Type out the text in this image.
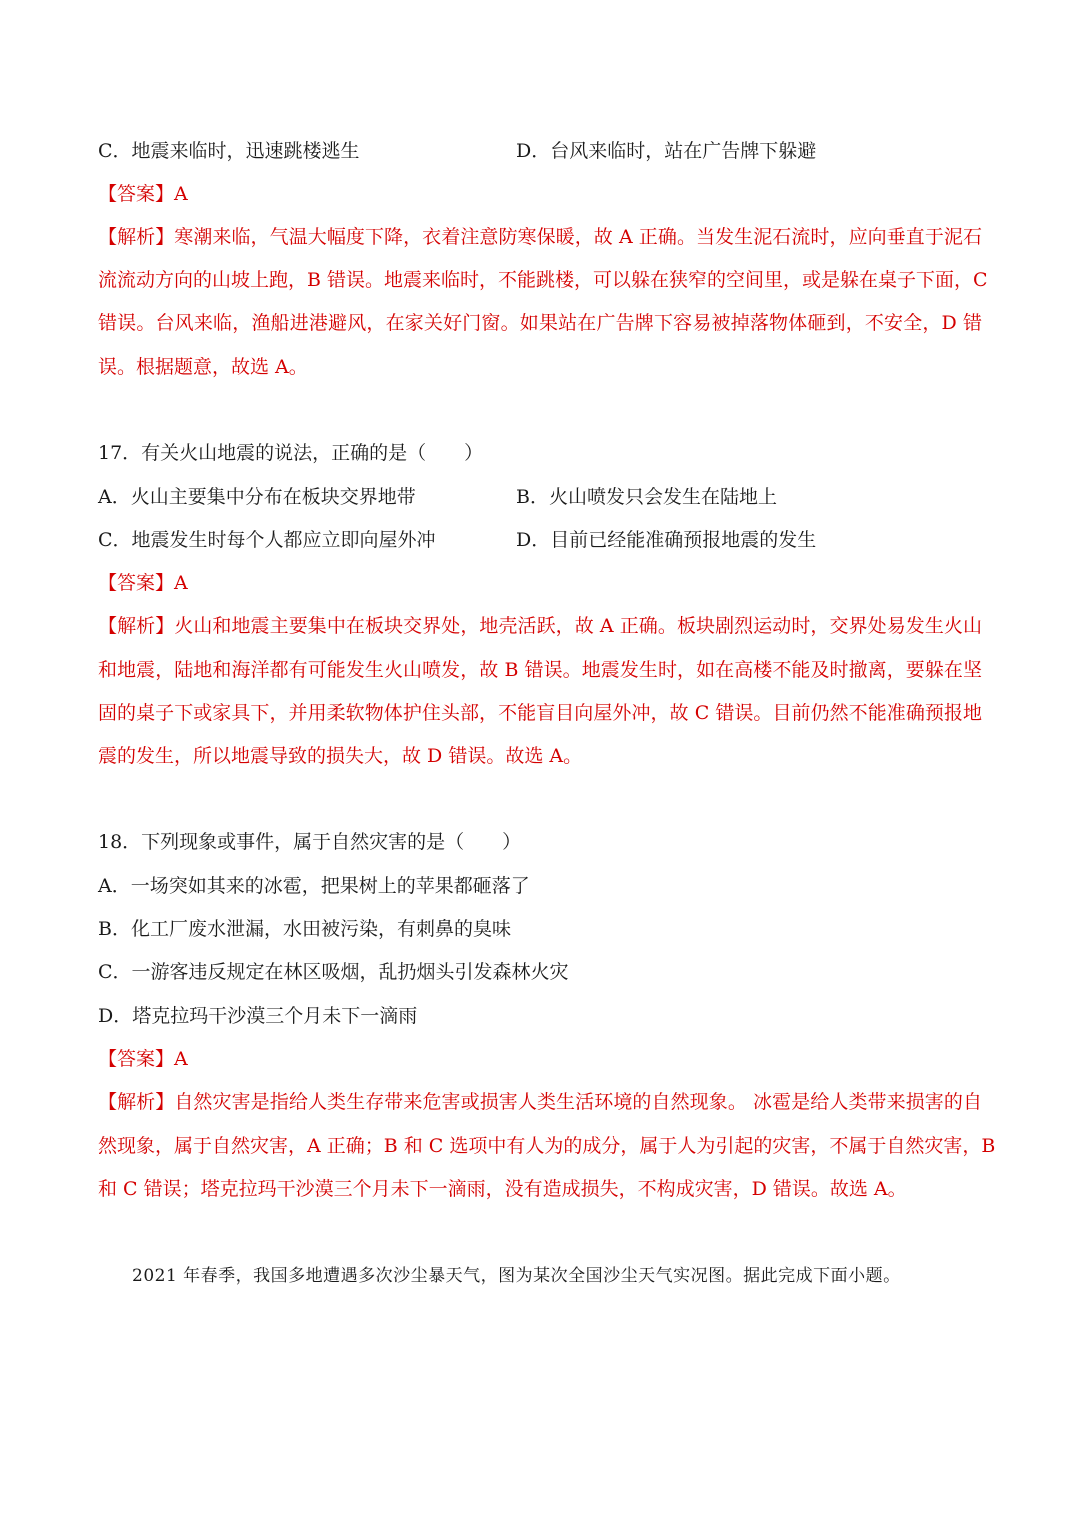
C．地震来临时，迅速跳楼逃生	D．台风来临时，站在广告牌下躲避
【答案】A
【解析】寒潮来临，气温大幅度下降，衣着注意防寒保暖，故 A 正确。当发生泥石流时，应向垂直于泥石
流流动方向的山坡上跑，B 错误。地震来临时，不能跳楼，可以躲在狭窄的空间里，或是躲在桌子下面，C
错误。台风来临，渔船进港避风，在家关好门窗。如果站在广告牌下容易被掉落物体砸到，不安全，D 错
误。根据题意，故选 A。
17．有关火山地震的说法，正确的是（　　）
A．火山主要集中分布在板块交界地带	B．火山喷发只会发生在陆地上
C．地震发生时每个人都应立即向屋外冲	D．目前已经能准确预报地震的发生
【答案】A
【解析】火山和地震主要集中在板块交界处，地壳活跃，故 A 正确。板块剧烈运动时，交界处易发生火山
和地震，陆地和海洋都有可能发生火山喷发，故 B 错误。地震发生时，如在高楼不能及时撤离，要躲在坚
固的桌子下或家具下，并用柔软物体护住头部，不能盲目向屋外冲，故 C 错误。目前仍然不能准确预报地
震的发生，所以地震导致的损失大，故 D 错误。故选 A。
18．下列现象或事件，属于自然灾害的是（　　）
A．一场突如其来的冰雹，把果树上的苹果都砸落了
B．化工厂废水泄漏，水田被污染，有刺鼻的臭味
C．一游客违反规定在林区吸烟，乱扔烟头引发森林火灾
D．塔克拉玛干沙漠三个月未下一滴雨
【答案】A
【解析】自然灾害是指给人类生存带来危害或损害人类生活环境的自然现象。 冰雹是给人类带来损害的自
然现象，属于自然灾害，A 正确；B 和 C 选项中有人为的成分，属于人为引起的灾害，不属于自然灾害，B
和 C 错误；塔克拉玛干沙漠三个月未下一滴雨，没有造成损失，不构成灾害，D 错误。故选 A。
2021 年春季，我国多地遭遇多次沙尘暴天气，图为某次全国沙尘天气实况图。据此完成下面小题。
